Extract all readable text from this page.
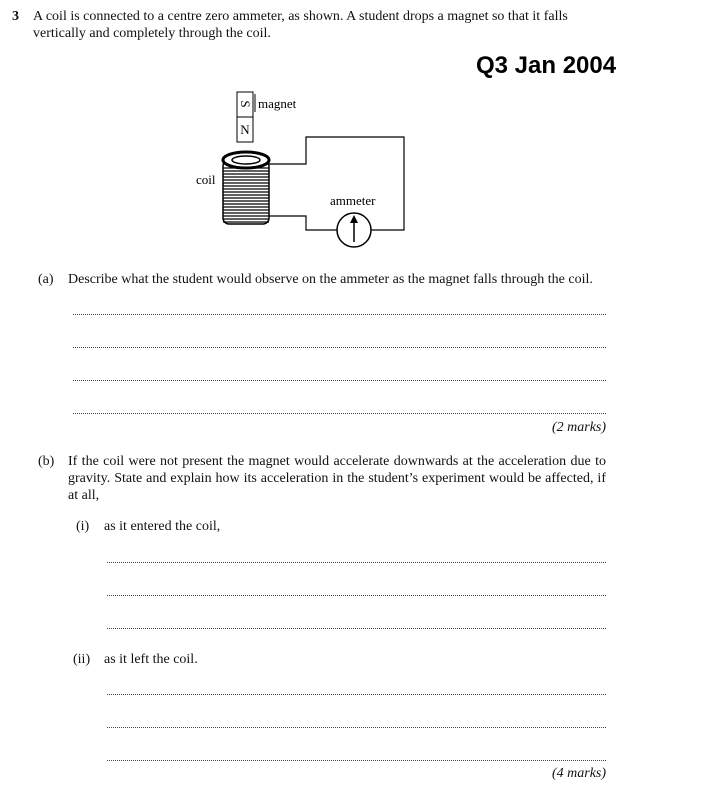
3 A coil is connected to a centre zero ammeter, as shown. A student drops a magnet so that it falls vertically and completely through the coil.
Q3 Jan 2004
S
N
magnet
coil
ammeter
(a) Describe what the student would observe on the ammeter as the magnet falls through the coil.
(2 marks)
(b) If the coil were not present the magnet would accelerate downwards at the acceleration due to gravity. State and explain how its acceleration in the student’s experiment would be affected, if at all,
(i) as it entered the coil,
(ii) as it left the coil.
(4 marks)
